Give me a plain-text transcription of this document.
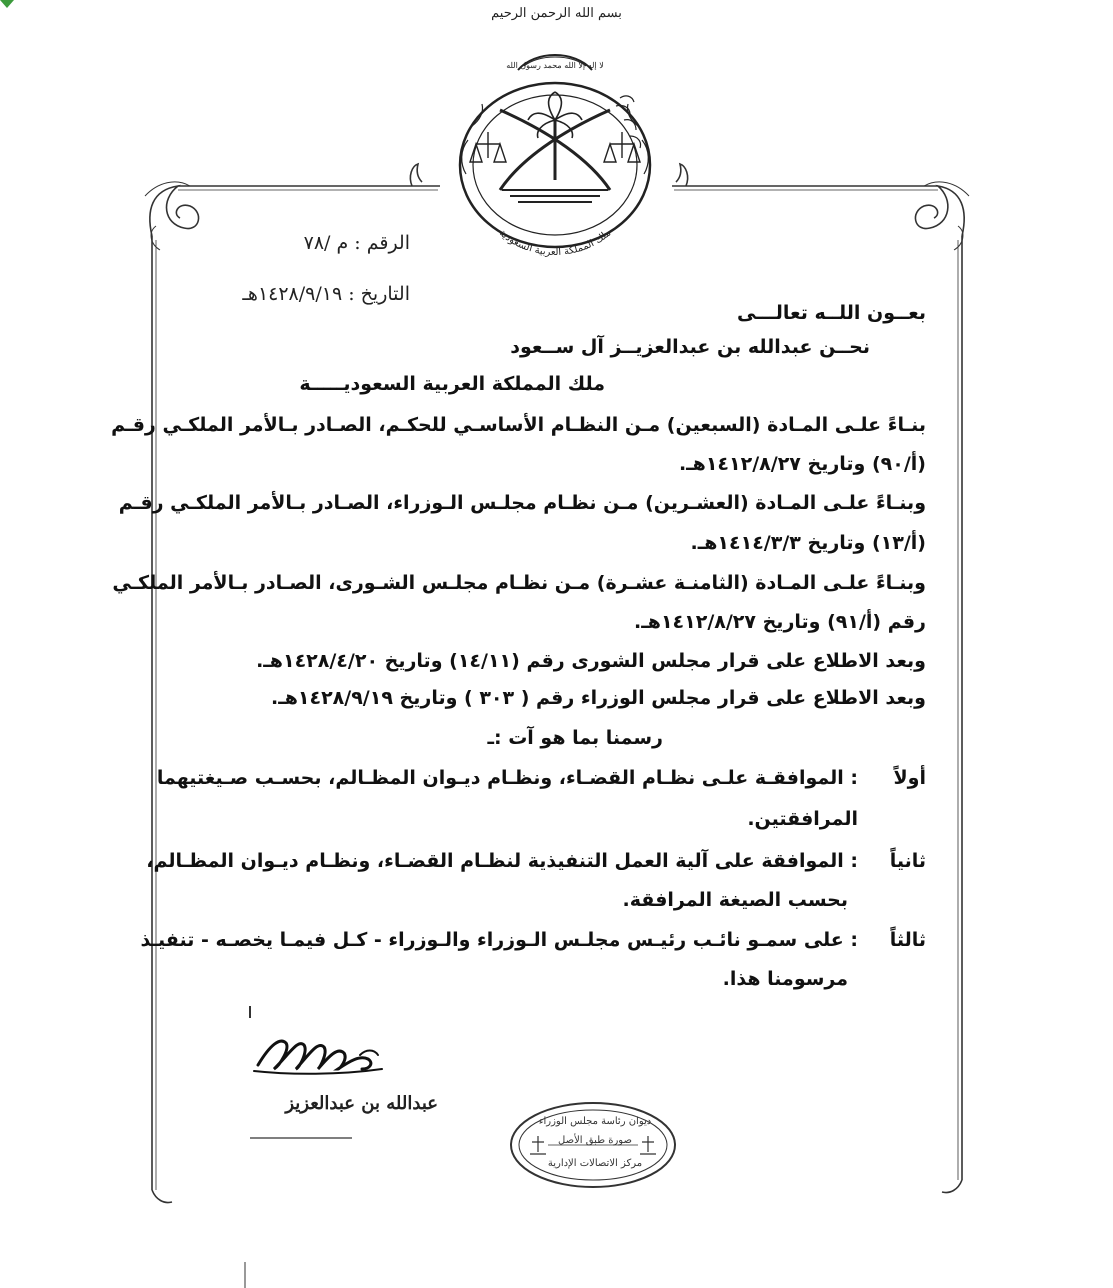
بسم الله الرحمن الرحيم
ملك المملكة العربية السعودية
لا إله إلا الله محمد رسول الله
الرقم : م /٧٨
التاريخ : ١٤٢٨/٩/١٩هـ
بعــون اللــه تعالـــى
نحــن عبدالله بن عبدالعزيــز آل ســعود
ملك المملكة العربية السعوديـــــة
بنـاءً علـى المـادة (السبعين) مـن النظـام الأساسـي للحكـم، الصـادر بـالأمر الملكـي رقـم
(أ/٩٠) وتاريخ ١٤١٢/٨/٢٧هـ.
وبنـاءً علـى المـادة (العشـرين) مـن نظـام مجلـس الـوزراء، الصـادر بـالأمر الملكـي رقـم
(أ/١٣) وتاريخ ١٤١٤/٣/٣هـ.
وبنـاءً علـى المـادة (الثامنـة عشـرة) مـن نظـام مجلـس الشـورى، الصـادر بـالأمر الملكـي
رقم (أ/٩١) وتاريخ ١٤١٢/٨/٢٧هـ.
وبعد الاطلاع على قرار مجلس الشورى رقم (١٤/١١) وتاريخ ١٤٢٨/٤/٢٠هـ.
وبعد الاطلاع على قرار مجلس الوزراء رقم ( ٣٠٣ ) وتاريخ ١٤٢٨/٩/١٩هـ.
رسمنا بما هو آت :ـ
أولاً
: الموافقـة علـى نظـام القضـاء، ونظـام ديـوان المظـالم، بحسـب صـيغتيهما
المرافقتين.
ثانياً
: الموافقة على آلية العمل التنفيذية لنظـام القضـاء، ونظـام ديـوان المظـالم،
بحسب الصيغة المرافقة.
ثالثاً
: على سمـو نائـب رئيـس مجلـس الـوزراء والـوزراء - كـل فيمـا يخصـه - تنفيـذ
مرسومنا هذا.
عبدالله بن عبدالعزيز
ديوان رئاسة مجلس الوزراء
صورة طبق الأصل
مركز الاتصالات الإدارية
